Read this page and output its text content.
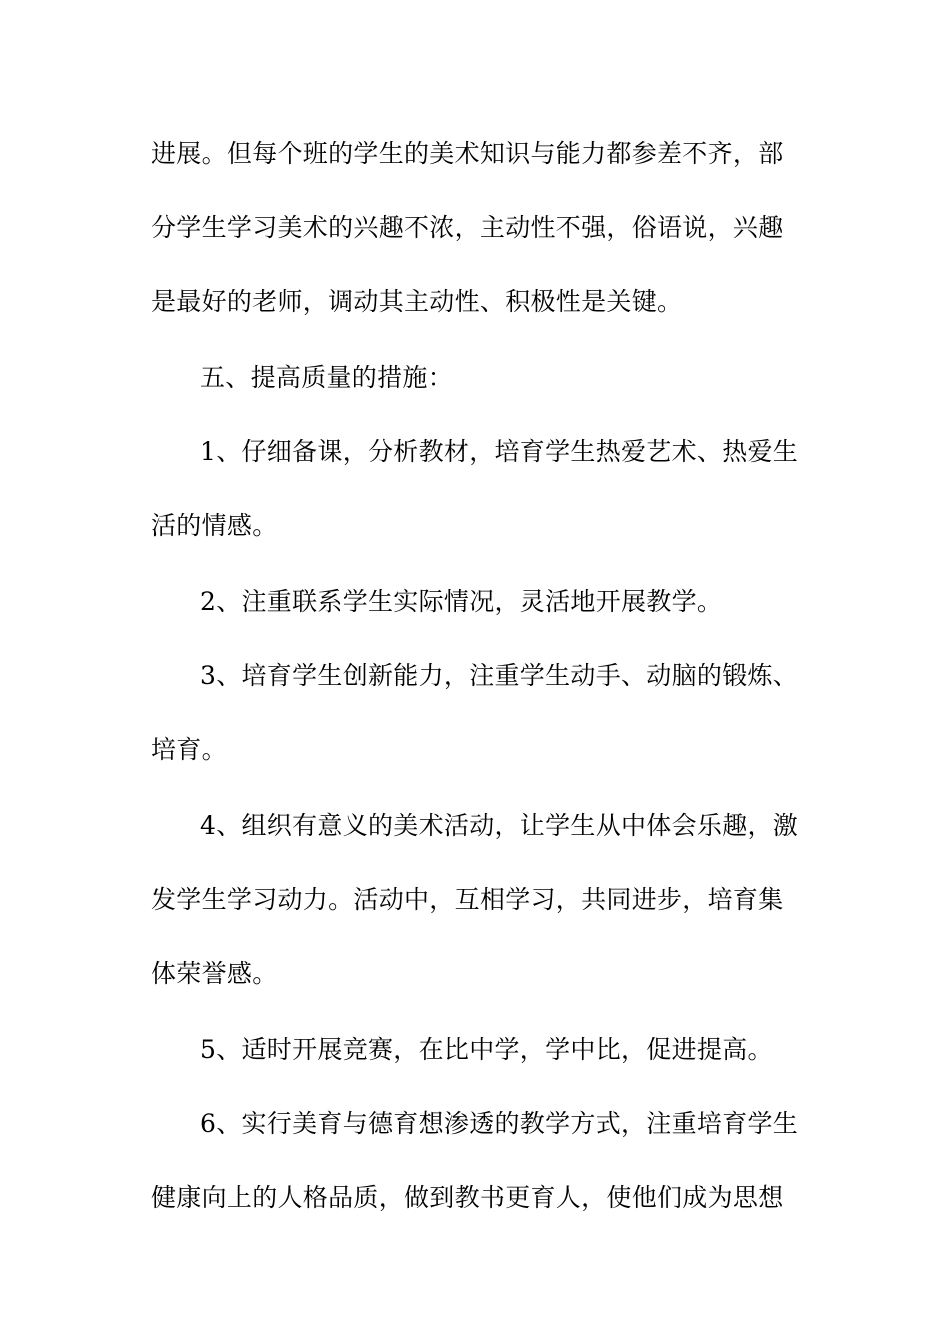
进展。但每个班的学生的美术知识与能力都参差不齐，部
分学生学习美术的兴趣不浓，主动性不强，俗语说，兴趣
是最好的老师，调动其主动性、积极性是关键。
五、提高质量的措施：
1、仔细备课，分析教材，培育学生热爱艺术、热爱生
活的情感。
2、注重联系学生实际情况，灵活地开展教学。
3、培育学生创新能力，注重学生动手、动脑的锻炼、
培育。
4、组织有意义的美术活动，让学生从中体会乐趣，激
发学生学习动力。活动中，互相学习，共同进步，培育集
体荣誉感。
5、适时开展竞赛，在比中学，学中比，促进提高。
6、实行美育与德育想渗透的教学方式，注重培育学生
健康向上的人格品质，做到教书更育人，使他们成为思想
